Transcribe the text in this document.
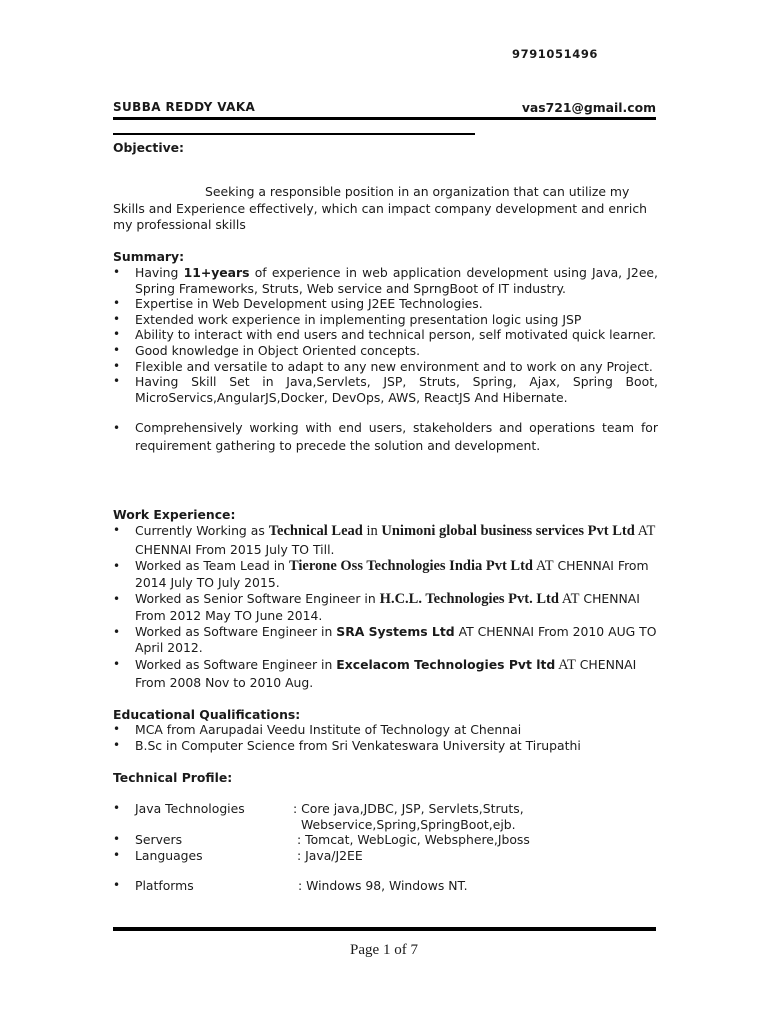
9791051496
SUBBA REDDY VAKA	vas721@gmail.com
Objective:
Seeking a responsible position in an organization that can utilize my
Skills and Experience effectively, which can impact company development and enrich
my professional skills
Summary:
• Having 11+years of experience in web application development using Java, J2ee, Spring Frameworks, Struts, Web service and SprngBoot of IT industry.
• Expertise in Web Development using J2EE Technologies.
• Extended work experience in implementing presentation logic using JSP
• Ability to interact with end users and technical person, self motivated quick learner.
• Good knowledge in Object Oriented concepts.
• Flexible and versatile to adapt to any new environment and to work on any Project.
• Having Skill Set in Java,Servlets, JSP, Struts, Spring, Ajax, Spring Boot, MicroServics,AngularJS,Docker, DevOps, AWS, ReactJS And Hibernate.
• Comprehensively working with end users, stakeholders and operations team for requirement gathering to precede the solution and development.
Work Experience:
• Currently Working as Technical Lead in Unimoni global business services Pvt Ltd AT CHENNAI From 2015 July TO Till.
• Worked as Team Lead in Tierone Oss Technologies India Pvt Ltd AT CHENNAI From 2014 July TO July 2015.
• Worked as Senior Software Engineer in H.C.L. Technologies Pvt. Ltd AT CHENNAI From 2012 May TO June 2014.
• Worked as Software Engineer in SRA Systems Ltd AT CHENNAI From 2010 AUG TO April 2012.
• Worked as Software Engineer in Excelacom Technologies Pvt ltd AT CHENNAI From 2008 Nov to 2010 Aug.
Educational Qualifications:
• MCA from Aarupadai Veedu Institute of Technology at Chennai
• B.Sc in Computer Science from Sri Venkateswara University at Tirupathi
Technical Profile:
• Java Technologies	: Core java,JDBC, JSP, Servlets,Struts,
Webservice,Spring,SpringBoot,ejb.
• Servers	: Tomcat, WebLogic, Websphere,Jboss
• Languages	: Java/J2EE
• Platforms	: Windows 98, Windows NT.
Page 1 of 7
